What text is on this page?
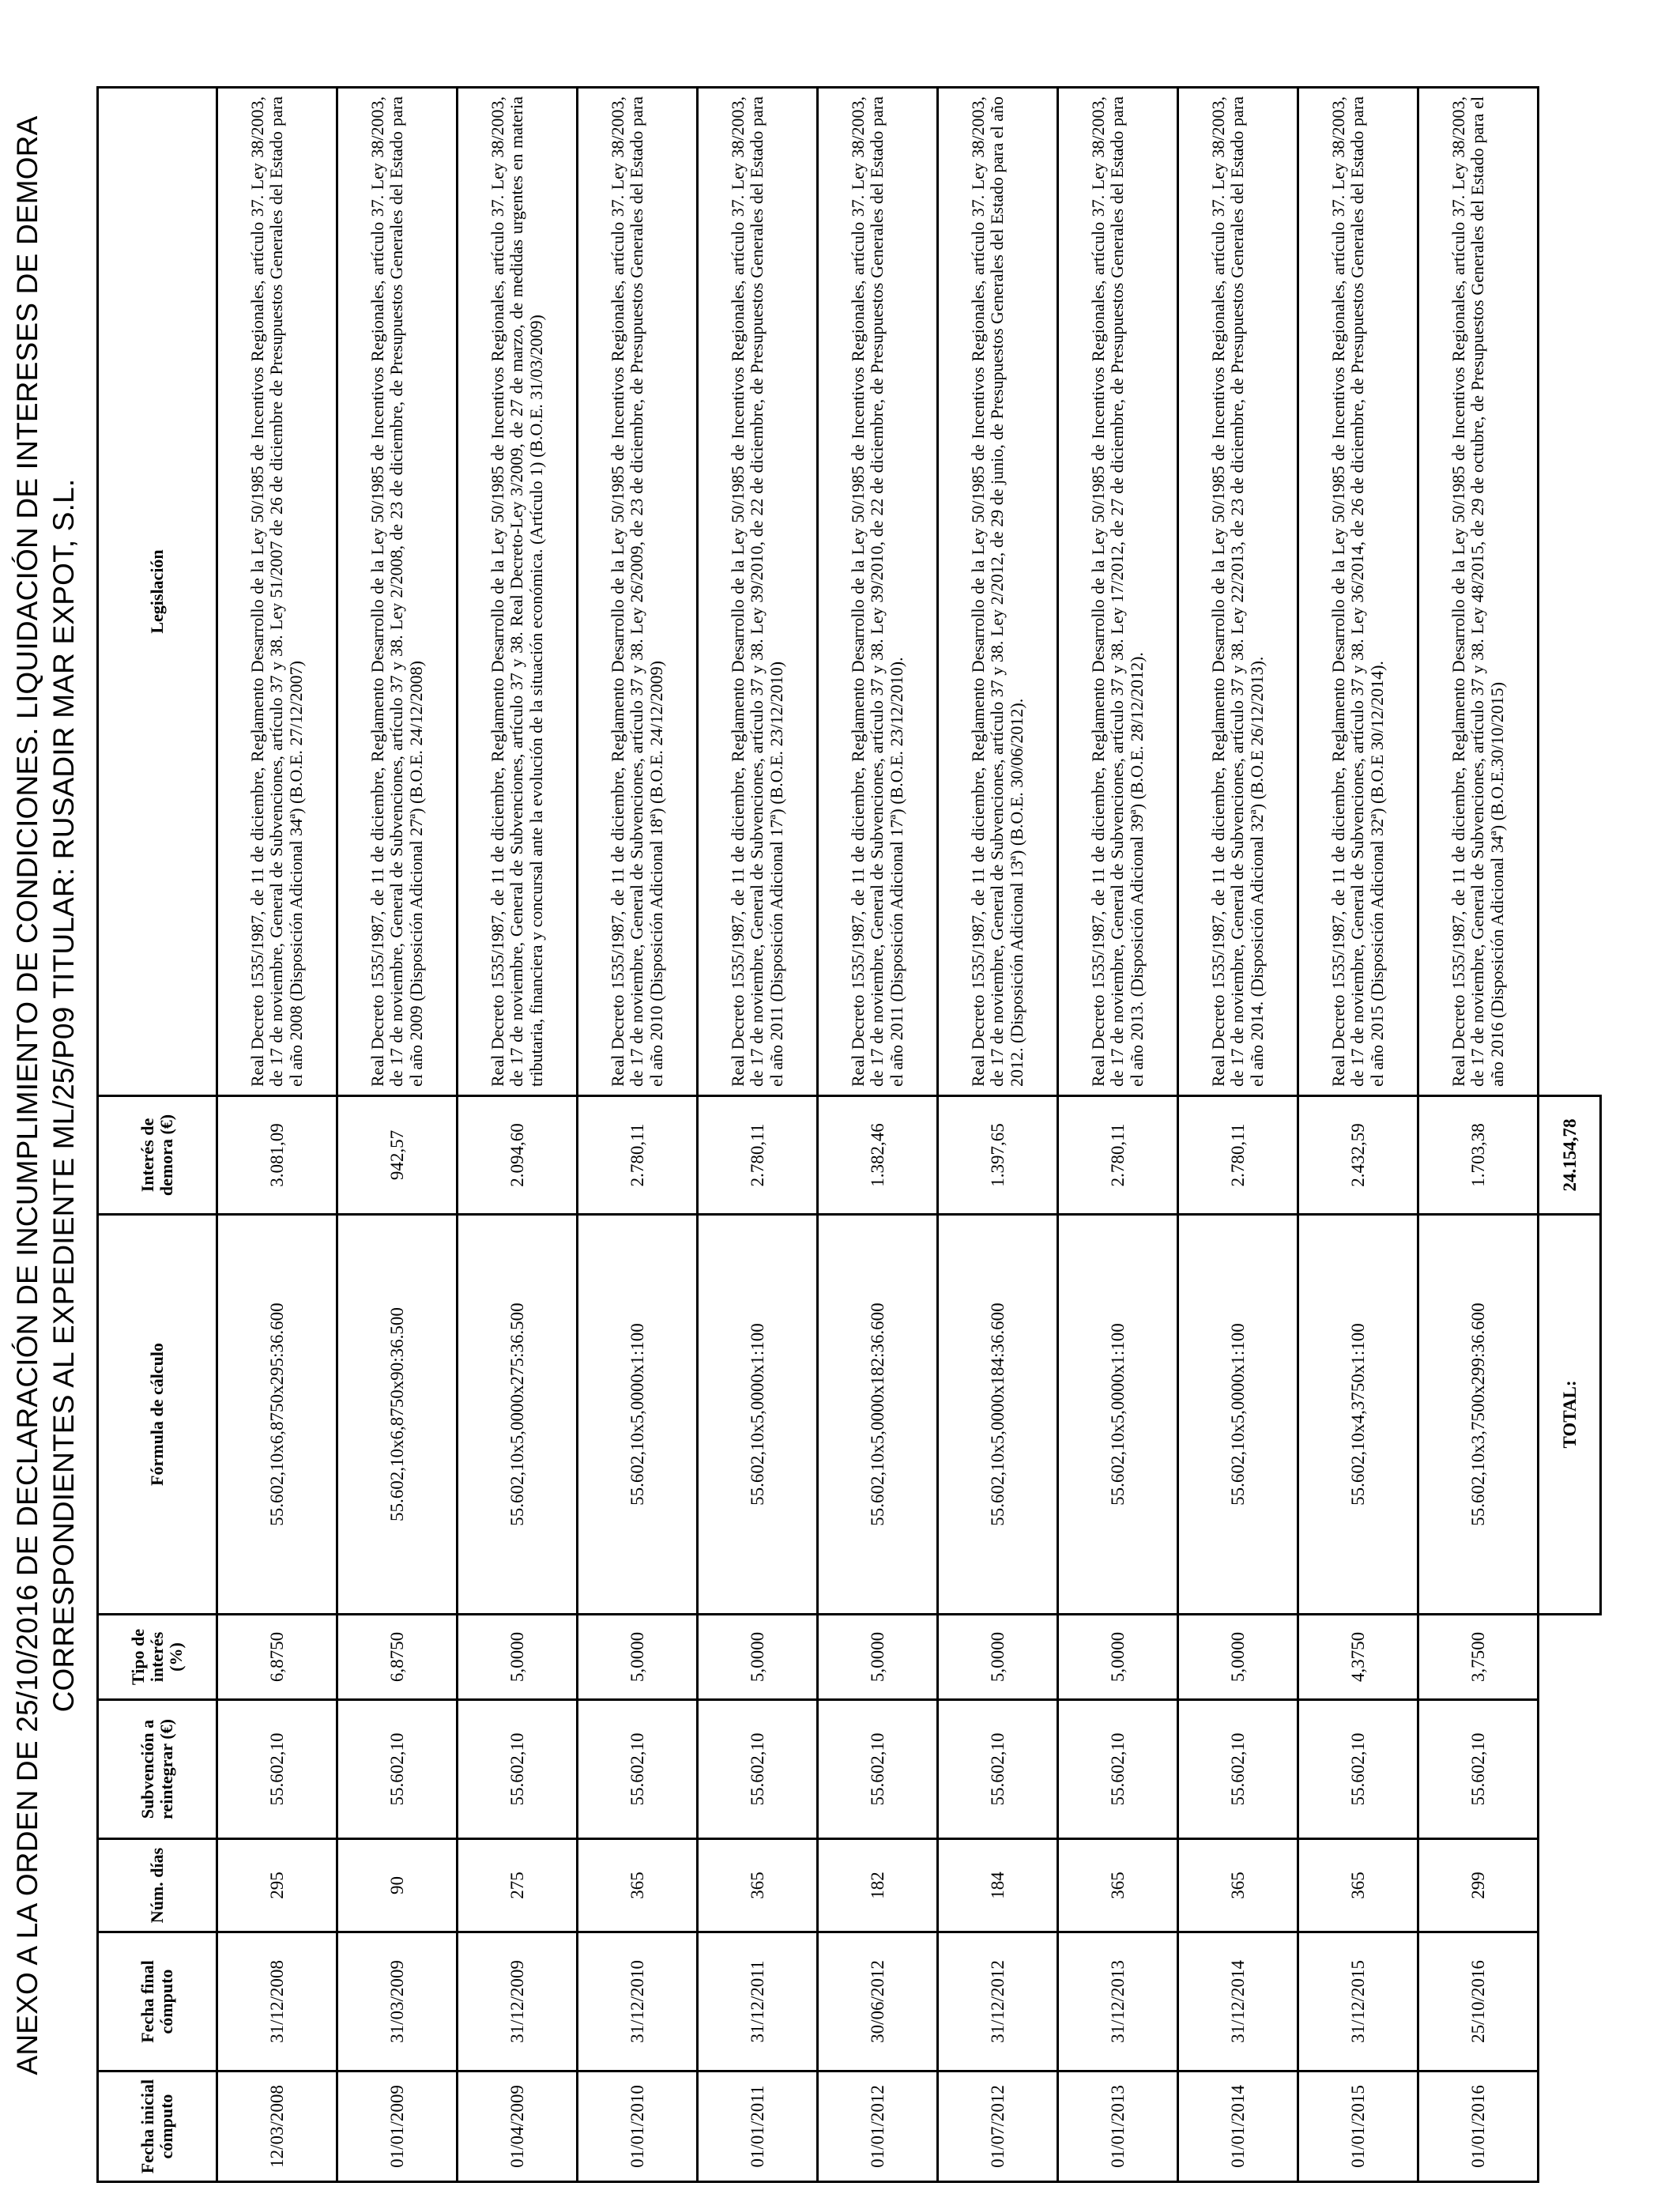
ANEXO A LA ORDEN DE 25/10/2016 DE DECLARACIÓN DE INCUMPLIMIENTO DE CONDICIONES. LIQUIDACIÓN DE INTERESES DE DEMORA CORRESPONDIENTES AL EXPEDIENTE ML/25/P09 TITULAR: RUSADIR MAR EXPOT, S.L.
Fecha inicial cómputo	Fecha final cómputo	Núm. días	Subvención a reintegrar (€)	Tipo de interés (%)	Fórmula de cálculo	Interés de demora (€)	Legislación
12/03/2008	31/12/2008	295	55.602,10	6,8750	55.602,10x6,8750x295:36.600	3.081,09	Real Decreto 1535/1987, de 11 de diciembre, Reglamento Desarrollo de la Ley 50/1985 de Incentivos Regionales, artículo 37. Ley 38/2003, de 17 de noviembre, General de Subvenciones, artículo 37 y 38. Ley 51/2007 de 26 de diciembre de Presupuestos Generales del Estado para el año 2008 (Disposición Adicional 34ª) (B.O.E. 27/12/2007)
01/01/2009	31/03/2009	90	55.602,10	6,8750	55.602,10x6,8750x90:36.500	942,57	Real Decreto 1535/1987, de 11 de diciembre, Reglamento Desarrollo de la Ley 50/1985 de Incentivos Regionales, artículo 37. Ley 38/2003, de 17 de noviembre, General de Subvenciones, artículo 37 y 38. Ley 2/2008, de 23 de diciembre, de Presupuestos Generales del Estado para el año 2009 (Disposición Adicional 27ª) (B.O.E. 24/12/2008)
01/04/2009	31/12/2009	275	55.602,10	5,0000	55.602,10x5,0000x275:36.500	2.094,60	Real Decreto 1535/1987, de 11 de diciembre, Reglamento Desarrollo de la Ley 50/1985 de Incentivos Regionales, artículo 37. Ley 38/2003, de 17 de noviembre, General de Subvenciones, artículo 37 y 38. Real Decreto-Ley 3/2009, de 27 de marzo, de medidas urgentes en materia tributaria, financiera y concursal ante la evolución de la situación económica. (Artículo 1) (B.O.E. 31/03/2009)
01/01/2010	31/12/2010	365	55.602,10	5,0000	55.602,10x5,0000x1:100	2.780,11	Real Decreto 1535/1987, de 11 de diciembre, Reglamento Desarrollo de la Ley 50/1985 de Incentivos Regionales, artículo 37. Ley 38/2003, de 17 de noviembre, General de Subvenciones, artículo 37 y 38. Ley 26/2009, de 23 de diciembre, de Presupuestos Generales del Estado para el año 2010 (Disposición Adicional 18ª) (B.O.E. 24/12/2009)
01/01/2011	31/12/2011	365	55.602,10	5,0000	55.602,10x5,0000x1:100	2.780,11	Real Decreto 1535/1987, de 11 de diciembre, Reglamento Desarrollo de la Ley 50/1985 de Incentivos Regionales, artículo 37. Ley 38/2003, de 17 de noviembre, General de Subvenciones, artículo 37 y 38. Ley 39/2010, de 22 de diciembre, de Presupuestos Generales del Estado para el año 2011 (Disposición Adicional 17ª) (B.O.E. 23/12/2010)
01/01/2012	30/06/2012	182	55.602,10	5,0000	55.602,10x5,0000x182:36.600	1.382,46	Real Decreto 1535/1987, de 11 de diciembre, Reglamento Desarrollo de la Ley 50/1985 de Incentivos Regionales, artículo 37. Ley 38/2003, de 17 de noviembre, General de Subvenciones, artículo 37 y 38. Ley 39/2010, de 22 de diciembre, de Presupuestos Generales del Estado para el año 2011 (Disposición Adicional 17ª) (B.O.E. 23/12/2010).
01/07/2012	31/12/2012	184	55.602,10	5,0000	55.602,10x5,0000x184:36.600	1.397,65	Real Decreto 1535/1987, de 11 de diciembre, Reglamento Desarrollo de la Ley 50/1985 de Incentivos Regionales, artículo 37. Ley 38/2003, de 17 de noviembre, General de Subvenciones, artículo 37 y 38. Ley 2/2012, de 29 de junio, de Presupuestos Generales del Estado para el año 2012. (Disposición Adicional 13ª) (B.O.E. 30/06/2012).
01/01/2013	31/12/2013	365	55.602,10	5,0000	55.602,10x5,0000x1:100	2.780,11	Real Decreto 1535/1987, de 11 de diciembre, Reglamento Desarrollo de la Ley 50/1985 de Incentivos Regionales, artículo 37. Ley 38/2003, de 17 de noviembre, General de Subvenciones, artículo 37 y 38. Ley 17/2012, de 27 de diciembre, de Presupuestos Generales del Estado para el año 2013. (Disposición Adicional 39ª) (B.O.E. 28/12/2012).
01/01/2014	31/12/2014	365	55.602,10	5,0000	55.602,10x5,0000x1:100	2.780,11	Real Decreto 1535/1987, de 11 de diciembre, Reglamento Desarrollo de la Ley 50/1985 de Incentivos Regionales, artículo 37. Ley 38/2003, de 17 de noviembre, General de Subvenciones, artículo 37 y 38. Ley 22/2013, de 23 de diciembre, de Presupuestos Generales del Estado para el año 2014. (Disposición Adicional 32ª) (B.O.E 26/12/2013).
01/01/2015	31/12/2015	365	55.602,10	4,3750	55.602,10x4,3750x1:100	2.432,59	Real Decreto 1535/1987, de 11 de diciembre, Reglamento Desarrollo de la Ley 50/1985 de Incentivos Regionales, artículo 37. Ley 38/2003, de 17 de noviembre, General de Subvenciones, artículo 37 y 38. Ley 36/2014, de 26 de diciembre, de Presupuestos Generales del Estado para el año 2015 (Disposición Adicional 32ª) (B.O.E 30/12/2014).
01/01/2016	25/10/2016	299	55.602,10	3,7500	55.602,10x3,7500x299:36.600	1.703,38	Real Decreto 1535/1987, de 11 de diciembre, Reglamento Desarrollo de la Ley 50/1985 de Incentivos Regionales, artículo 37. Ley 38/2003, de 17 de noviembre, General de Subvenciones, artículo 37 y 38. Ley 48/2015, de 29 de octubre, de Presupuestos Generales del Estado para el año 2016 (Disposición Adicional 34ª) (B.O.E.30/10/2015)
					TOTAL:	24.154,78	
